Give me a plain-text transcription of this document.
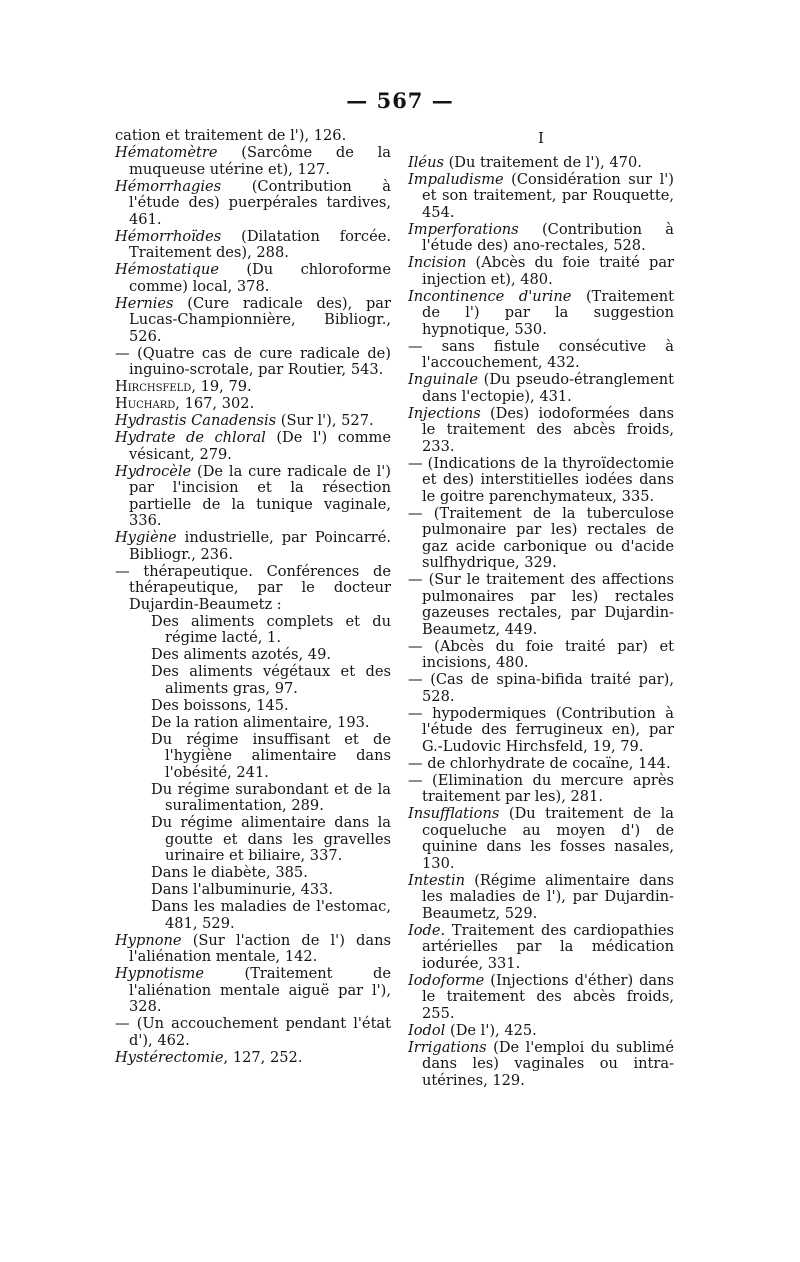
— 567 —
cation et traitement de l'), 126.
Hématomètre (Sarcôme de la muqueuse utérine et), 127.
Hémorrhagies (Contribution à l'étude des) puerpérales tardives, 461.
Hémorrhoïdes (Dilatation forcée. Traitement des), 288.
Hémostatique (Du chloroforme comme) local, 378.
Hernies (Cure radicale des), par Lucas-Championnière, Bibliogr., 526.
— (Quatre cas de cure radicale de) inguino-scrotale, par Routier, 543.
Hirchsfeld, 19, 79.
Huchard, 167, 302.
Hydrastis Canadensis (Sur l'), 527.
Hydrate de chloral (De l') comme vésicant, 279.
Hydrocèle (De la cure radicale de l') par l'incision et la résection partielle de la tunique vaginale, 336.
Hygiène industrielle, par Poincarré. Bibliogr., 236.
— thérapeutique. Conférences de thérapeutique, par le docteur Dujardin-Beaumetz :
Des aliments complets et du régime lacté, 1.
Des aliments azotés, 49.
Des aliments végétaux et des aliments gras, 97.
Des boissons, 145.
De la ration alimentaire, 193.
Du régime insuffisant et de l'hygiène alimentaire dans l'obésité, 241.
Du régime surabondant et de la suralimentation, 289.
Du régime alimentaire dans la goutte et dans les gravelles urinaire et biliaire, 337.
Dans le diabète, 385.
Dans l'albuminurie, 433.
Dans les maladies de l'estomac, 481, 529.
Hypnone (Sur l'action de l') dans l'aliénation mentale, 142.
Hypnotisme (Traitement de l'aliénation mentale aiguë par l'), 328.
— (Un accouchement pendant l'état d'), 462.
Hystérectomie, 127, 252.
I
Iléus (Du traitement de l'), 470.
Impaludisme (Considération sur l') et son traitement, par Rouquette, 454.
Imperforations (Contribution à l'étude des) ano-rectales, 528.
Incision (Abcès du foie traité par injection et), 480.
Incontinence d'urine (Traitement de l') par la suggestion hypnotique, 530.
— sans fistule consécutive à l'accouchement, 432.
Inguinale (Du pseudo-étranglement dans l'ectopie), 431.
Injections (Des) iodoformées dans le traitement des abcès froids, 233.
— (Indications de la thyroïdectomie et des) interstitielles iodées dans le goitre parenchymateux, 335.
— (Traitement de la tuberculose pulmonaire par les) rectales de gaz acide carbonique ou d'acide sulfhydrique, 329.
— (Sur le traitement des affections pulmonaires par les) rectales gazeuses rectales, par Dujardin-Beaumetz, 449.
— (Abcès du foie traité par) et incisions, 480.
— (Cas de spina-bifida traité par), 528.
— hypodermiques (Contribution à l'étude des ferrugineux en), par G.-Ludovic Hirchsfeld, 19, 79.
— de chlorhydrate de cocaïne, 144.
— (Elimination du mercure après traitement par les), 281.
Insufflations (Du traitement de la coqueluche au moyen d') de quinine dans les fosses nasales, 130.
Intestin (Régime alimentaire dans les maladies de l'), par Dujardin-Beaumetz, 529.
Iode. Traitement des cardiopathies artérielles par la médication iodurée, 331.
Iodoforme (Injections d'éther) dans le traitement des abcès froids, 255.
Iodol (De l'), 425.
Irrigations (De l'emploi du sublimé dans les) vaginales ou intra-utérines, 129.
